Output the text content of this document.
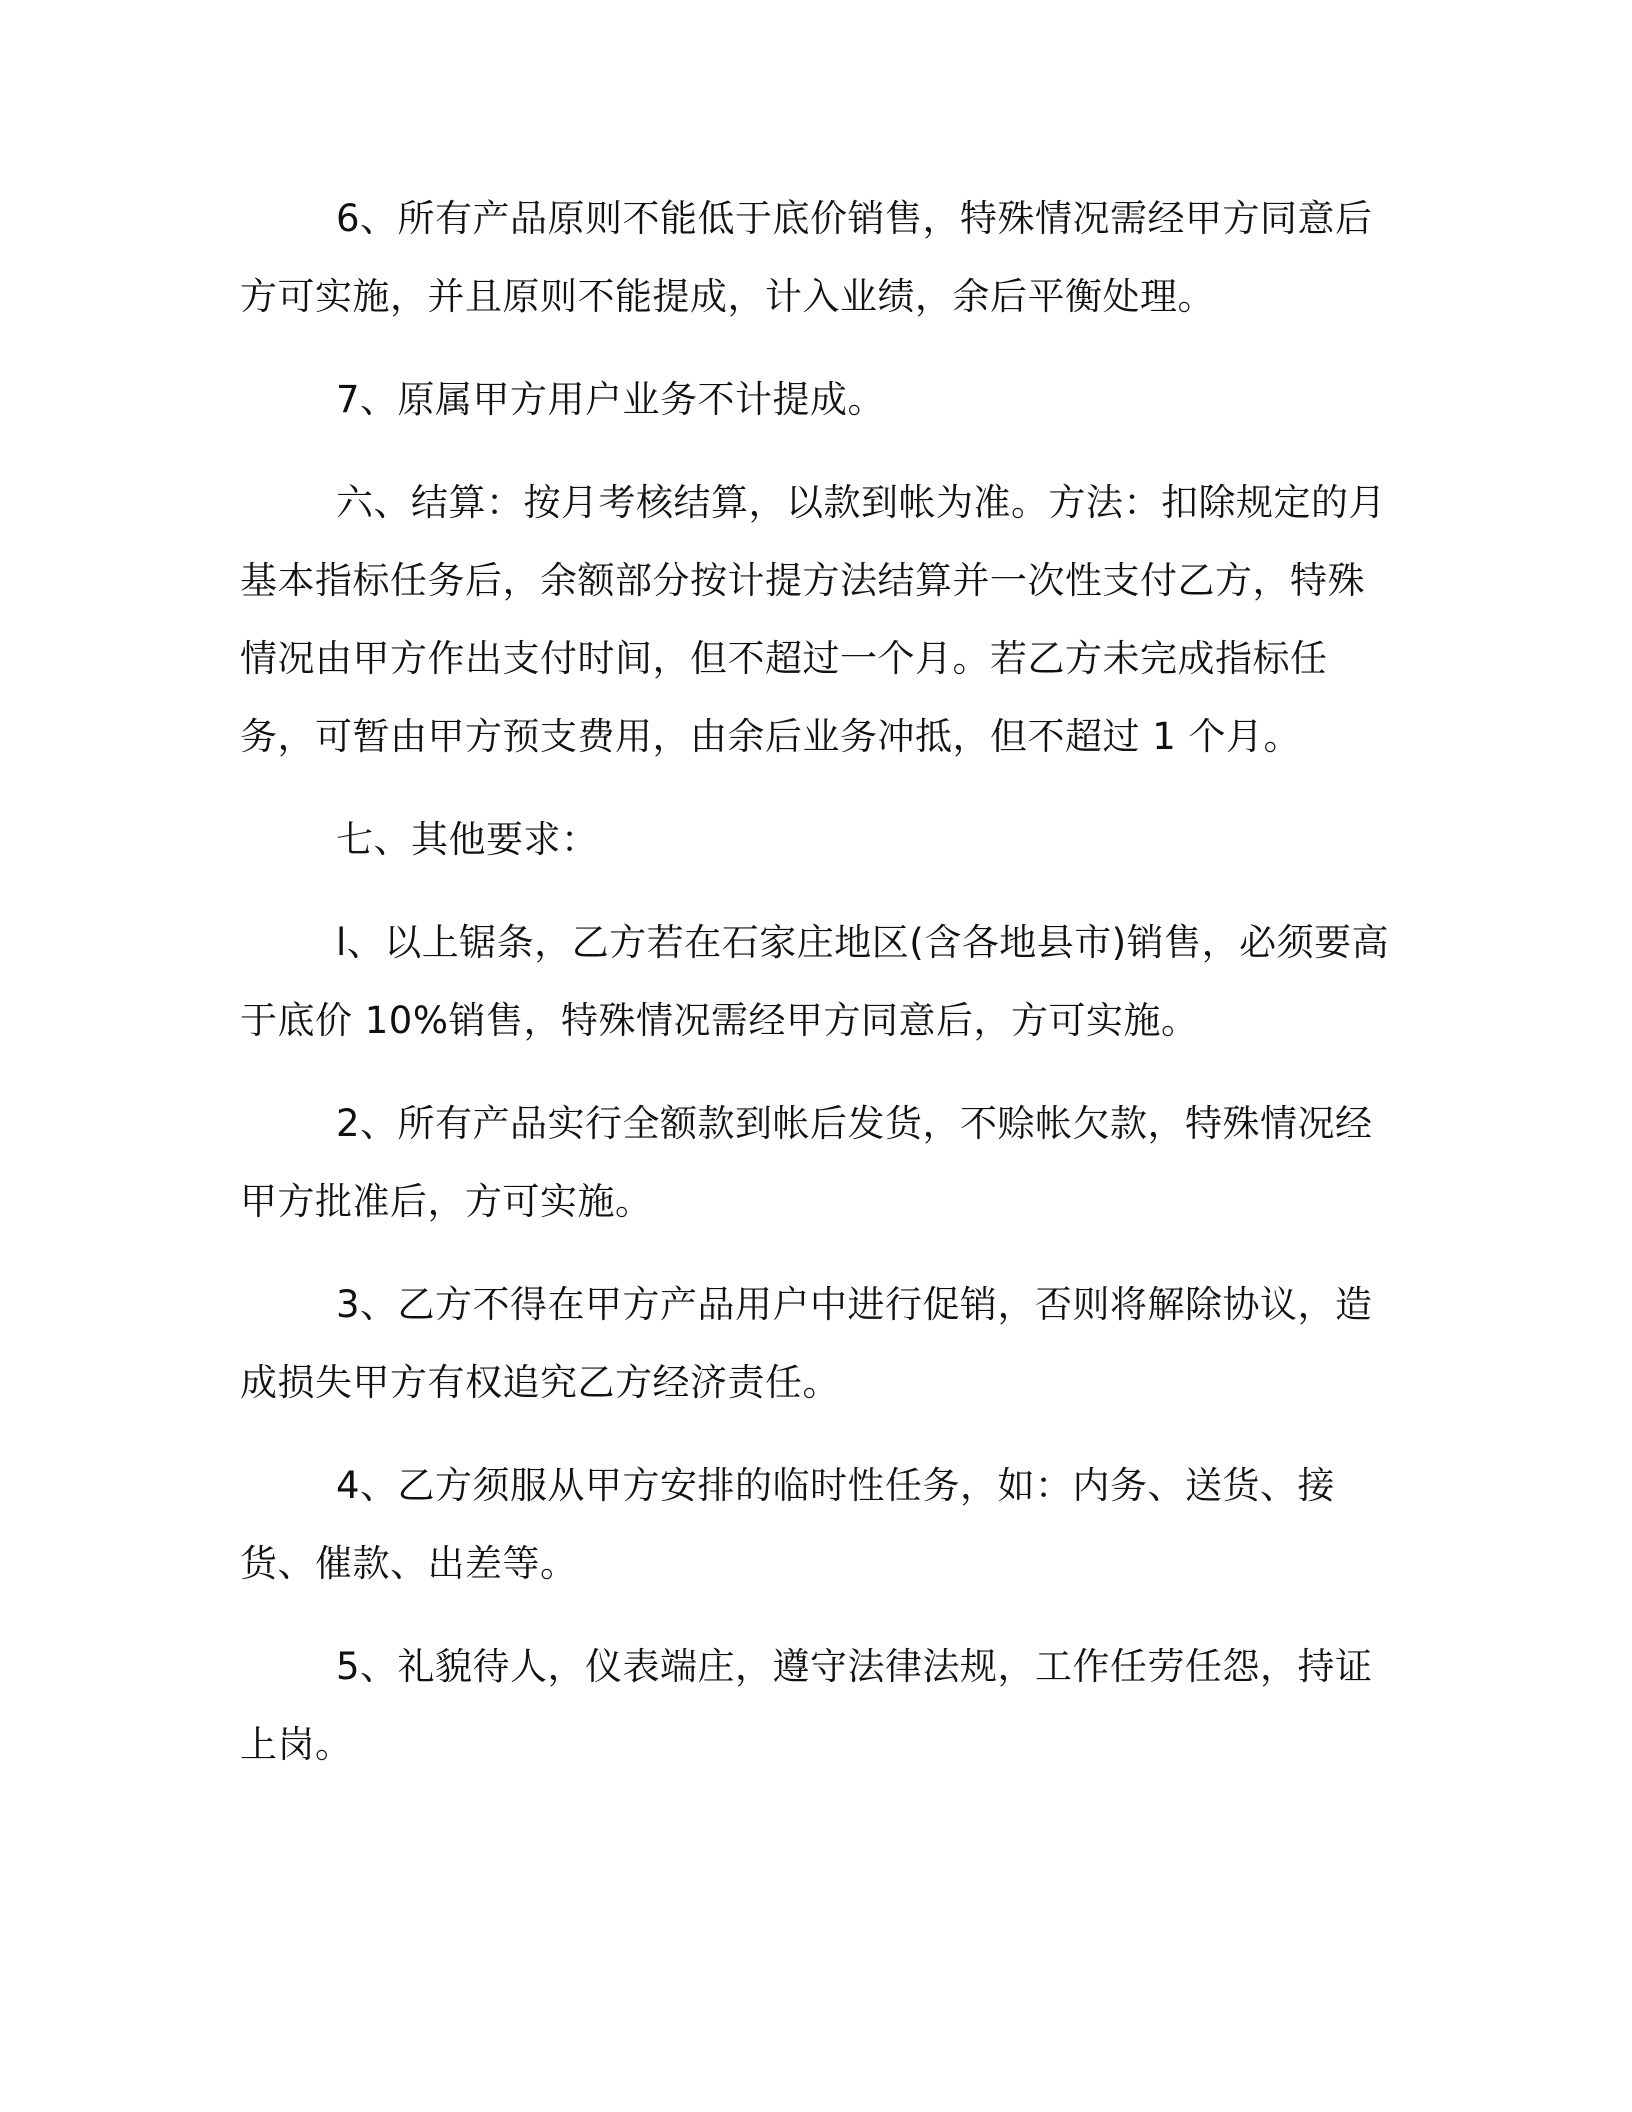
6、所有产品原则不能低于底价销售，特殊情况需经甲方同意后方可实施，并且原则不能提成，计入业绩，余后平衡处理。

7、原属甲方用户业务不计提成。

六、结算：按月考核结算，以款到帐为准。方法：扣除规定的月基本指标任务后，余额部分按计提方法结算并一次性支付乙方，特殊情况由甲方作出支付时间，但不超过一个月。若乙方未完成指标任务，可暂由甲方预支费用，由余后业务冲抵，但不超过 1 个月。

七、其他要求：

l、以上锯条，乙方若在石家庄地区(含各地县市)销售，必须要高于底价 10%销售，特殊情况需经甲方同意后，方可实施。

2、所有产品实行全额款到帐后发货，不赊帐欠款，特殊情况经甲方批准后，方可实施。

3、乙方不得在甲方产品用户中进行促销，否则将解除协议，造成损失甲方有权追究乙方经济责任。

4、乙方须服从甲方安排的临时性任务，如：内务、送货、接货、催款、出差等。

5、礼貌待人，仪表端庄，遵守法律法规，工作任劳任怨，持证上岗。
